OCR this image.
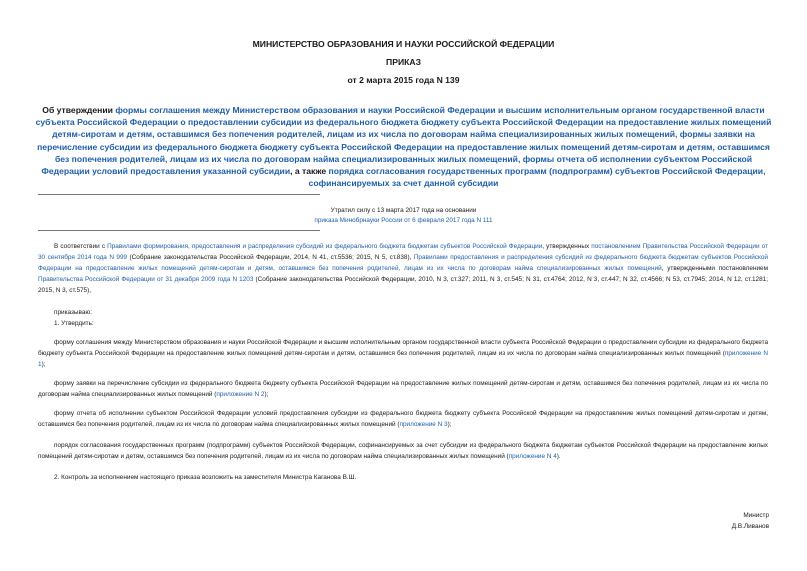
МИНИСТЕРСТВО ОБРАЗОВАНИЯ И НАУКИ РОССИЙСКОЙ ФЕДЕРАЦИИ
ПРИКАЗ
от 2 марта 2015 года N 139
Об утверждении формы соглашения между Министерством образования и науки Российской Федерации и высшим исполнительным органом государственной власти субъекта Российской Федерации о предоставлении субсидии из федерального бюджета бюджету субъекта Российской Федерации на предоставление жилых помещений детям-сиротам и детям, оставшимся без попечения родителей, лицам из их числа по договорам найма специализированных жилых помещений, формы заявки на перечисление субсидии из федерального бюджета бюджету субъекта Российской Федерации на предоставление жилых помещений детям-сиротам и детям, оставшимся без попечения родителей, лицам из их числа по договорам найма специализированных жилых помещений, формы отчета об исполнении субъектом Российской Федерации условий предоставления указанной субсидии, а также порядка согласования государственных программ (подпрограмм) субъектов Российской Федерации, софинансируемых за счет данной субсидии
Утратил силу с 13 марта 2017 года на основании
приказа Минобрнауки России от 6 февраля 2017 года N 111

В соответствии с Правилами формирования, предоставления и распределения субсидий из федерального бюджета бюджетам субъектов Российской Федерации, утвержденных постановлением Правительства Российской Федерации от 30 сентября 2014 года N 999 (Собрание законодательства Российской Федерации, 2014, N 41, ст.5536; 2015, N 5, ст.838), Правилами предоставления и распределения субсидий из федерального бюджета бюджетам субъектов Российской Федерации на предоставление жилых помещений детям-сиротам и детям, оставшимся без попечения родителей, лицам из их числа по договорам найма специализированных жилых помещений, утвержденными постановлением Правительства Российской Федерации от 31 декабря 2009 года N 1203 (Собрание законодательства Российской Федерации, 2010, N 3, ст.327; 2011, N 3, ст.545; N 31, ст.4764; 2012, N 3, ст.447; N 32, ст.4566; N 53, ст.7945; 2014, N 12, ст.1281; 2015, N 3, ст.575),

приказываю:

1. Утвердить:

форму соглашения между Министерством образования и науки Российской Федерации и высшим исполнительным органом государственной власти субъекта Российской Федерации о предоставлении субсидии из федерального бюджета бюджету субъекта Российской Федерации на предоставление жилых помещений детям-сиротам и детям, оставшимся без попечения родителей, лицам из их числа по договорам найма специализированных жилых помещений (приложение N 1);

форму заявки на перечисление субсидии из федерального бюджета бюджету субъекта Российской Федерации на предоставление жилых помещений детям-сиротам и детям, оставшимся без попечения родителей, лицам из их числа по договорам найма специализированных жилых помещений (приложение N 2);

форму отчета об исполнении субъектом Российской Федерации условий предоставления субсидии из федерального бюджета бюджету субъекта Российской Федерации на предоставление жилых помещений детям-сиротам и детям, оставшимся без попечения родителей, лицам из их числа по договорам найма специализированных жилых помещений (приложение N 3);

порядок согласования государственных программ (подпрограмм) субъектов Российской Федерации, софинансируемых за счет субсидии из федерального бюджета бюджетам субъектов Российской Федерации на предоставление жилых помещений детям-сиротам и детям, оставшимся без попечения родителей, лицам из их числа по договорам найма специализированных жилых помещений (приложение N 4).

2. Контроль за исполнением настоящего приказа возложить на заместителя Министра Каганова В.Ш.

Министр
Д.В.Ливанов
